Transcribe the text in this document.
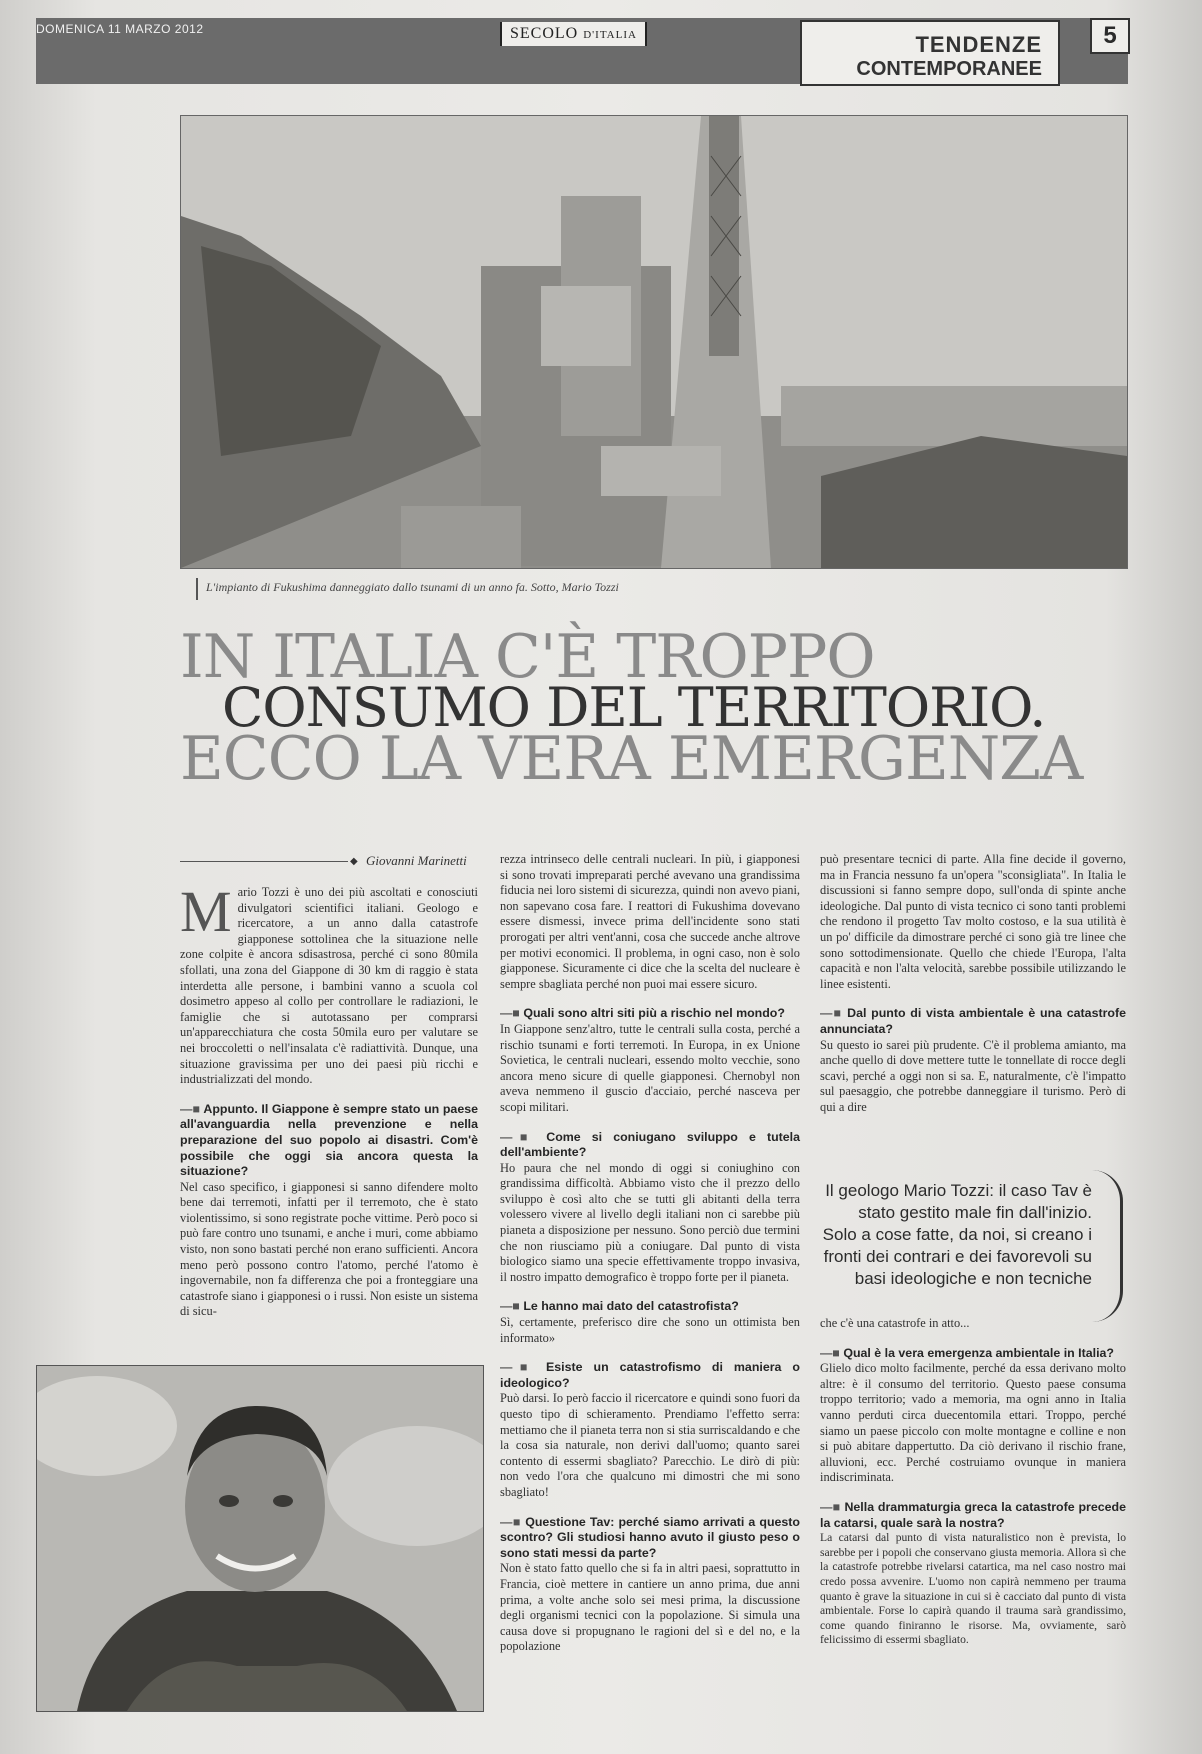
DOMENICA 11 MARZO 2012	SECOLO D'ITALIA	TENDENZE
CONTEMPORANEE
5
L'impianto di Fukushima danneggiato dallo tsunami di un anno fa. Sotto, Mario Tozzi
IN ITALIA C'È TROPPO
CONSUMO DEL TERRITORIO.
ECCO LA VERA EMERGENZA
◆ Giovanni Marinetti

Mario Tozzi è uno dei più ascoltati e conosciuti divulgatori scientifici italiani. Geologo e ricercatore, a un anno dalla catastrofe giapponese sottolinea che la situazione nelle zone colpite è ancora sdisastrosa, perché ci sono 80mila sfollati, una zona del Giappone di 30 km di raggio è stata interdetta alle persone, i bambini vanno a scuola col dosimetro appeso al collo per controllare le radiazioni, le famiglie che si autotassano per comprarsi un'apparecchiatura che costa 50mila euro per valutare se nei broccoletti o nell'insalata c'è radiattività. Dunque, una situazione gravissima per uno dei paesi più ricchi e industrializzati del mondo.

—■ Appunto. Il Giappone è sempre stato un paese all'avanguardia nella prevenzione e nella preparazione del suo popolo ai disastri. Com'è possibile che oggi sia ancora questa la situazione?

Nel caso specifico, i giapponesi si sanno difendere molto bene dai terremoti, infatti per il terremoto, che è stato violentissimo, si sono registrate poche vittime. Però poco si può fare contro uno tsunami, e anche i muri, come abbiamo visto, non sono bastati perché non erano sufficienti. Ancora meno però possono contro l'atomo, perché l'atomo è ingovernabile, non fa differenza che poi a fronteggiare una catastrofe siano i giapponesi o i russi. Non esiste un sistema di sicu-

rezza intrinseco delle centrali nucleari. In più, i giapponesi si sono trovati impreparati perché avevano una grandissima fiducia nei loro sistemi di sicurezza, quindi non avevo piani, non sapevano cosa fare. I reattori di Fukushima dovevano essere dismessi, invece prima dell'incidente sono stati prorogati per altri vent'anni, cosa che succede anche altrove per motivi economici. Il problema, in ogni caso, non è solo giapponese. Sicuramente ci dice che la scelta del nucleare è sempre sbagliata perché non puoi mai essere sicuro.

—■ Quali sono altri siti più a rischio nel mondo?

In Giappone senz'altro, tutte le centrali sulla costa, perché a rischio tsunami e forti terremoti. In Europa, in ex Unione Sovietica, le centrali nucleari, essendo molto vecchie, sono ancora meno sicure di quelle giapponesi. Chernobyl non aveva nemmeno il guscio d'acciaio, perché nasceva per scopi militari.

—■ Come si coniugano sviluppo e tutela dell'ambiente?

Ho paura che nel mondo di oggi si coniughino con grandissima difficoltà. Abbiamo visto che il prezzo dello sviluppo è così alto che se tutti gli abitanti della terra volessero vivere al livello degli italiani non ci sarebbe più pianeta a disposizione per nessuno. Sono perciò due termini che non riusciamo più a coniugare. Dal punto di vista biologico siamo una specie effettivamente troppo invasiva, il nostro impatto demografico è troppo forte per il pianeta.

—■ Le hanno mai dato del catastrofista?

Sì, certamente, preferisco dire che sono un ottimista ben informato»

—■ Esiste un catastrofismo di maniera o ideologico?

Può darsi. Io però faccio il ricercatore e quindi sono fuori da questo tipo di schieramento. Prendiamo l'effetto serra: mettiamo che il pianeta terra non si stia surriscaldando e che la cosa sia naturale, non derivi dall'uomo; quanto sarei contento di essermi sbagliato? Parecchio. Le dirò di più: non vedo l'ora che qualcuno mi dimostri che mi sono sbagliato!

—■ Questione Tav: perché siamo arrivati a questo scontro? Gli studiosi hanno avuto il giusto peso o sono stati messi da parte?

Non è stato fatto quello che si fa in altri paesi, soprattutto in Francia, cioè mettere in cantiere un anno prima, due anni prima, a volte anche solo sei mesi prima, la discussione degli organismi tecnici con la popolazione. Si simula una causa dove si propugnano le ragioni del sì e del no, e la popolazione

può presentare tecnici di parte. Alla fine decide il governo, ma in Francia nessuno fa un'opera "sconsigliata". In Italia le discussioni si fanno sempre dopo, sull'onda di spinte anche ideologiche. Dal punto di vista tecnico ci sono tanti problemi che rendono il progetto Tav molto costoso, e la sua utilità è un po' difficile da dimostrare perché ci sono già tre linee che sono sottodimensionate. Quello che chiede l'Europa, l'alta capacità e non l'alta velocità, sarebbe possibile utilizzando le linee esistenti.

—■ Dal punto di vista ambientale è una catastrofe annunciata?

Su questo io sarei più prudente. C'è il problema amianto, ma anche quello di dove mettere tutte le tonnellate di rocce degli scavi, perché a oggi non si sa. E, naturalmente, c'è l'impatto sul paesaggio, che potrebbe danneggiare il turismo. Però di qui a dire

Il geologo Mario Tozzi: il caso Tav è stato gestito male fin dall'inizio. Solo a cose fatte, da noi, si creano i fronti dei contrari e dei favorevoli su basi ideologiche e non tecniche

che c'è una catastrofe in atto...

—■ Qual è la vera emergenza ambientale in Italia?

Glielo dico molto facilmente, perché da essa derivano molto altre: è il consumo del territorio. Questo paese consuma troppo territorio; vado a memoria, ma ogni anno in Italia vanno perduti circa duecentomila ettari. Troppo, perché siamo un paese piccolo con molte montagne e colline e non si può abitare dappertutto. Da ciò derivano il rischio frane, alluvioni, ecc. Perché costruiamo ovunque in maniera indiscriminata.

—■ Nella drammaturgia greca la catastrofe precede la catarsi, quale sarà la nostra?

La catarsi dal punto di vista naturalistico non è prevista, lo sarebbe per i popoli che conservano giusta memoria. Allora sì che la catastrofe potrebbe rivelarsi catartica, ma nel caso nostro mai credo possa avvenire. L'uomo non capirà nemmeno per trauma quanto è grave la situazione in cui si è cacciato dal punto di vista ambientale. Forse lo capirà quando il trauma sarà grandissimo, come quando finiranno le risorse. Ma, ovviamente, sarò felicissimo di essermi sbagliato.
